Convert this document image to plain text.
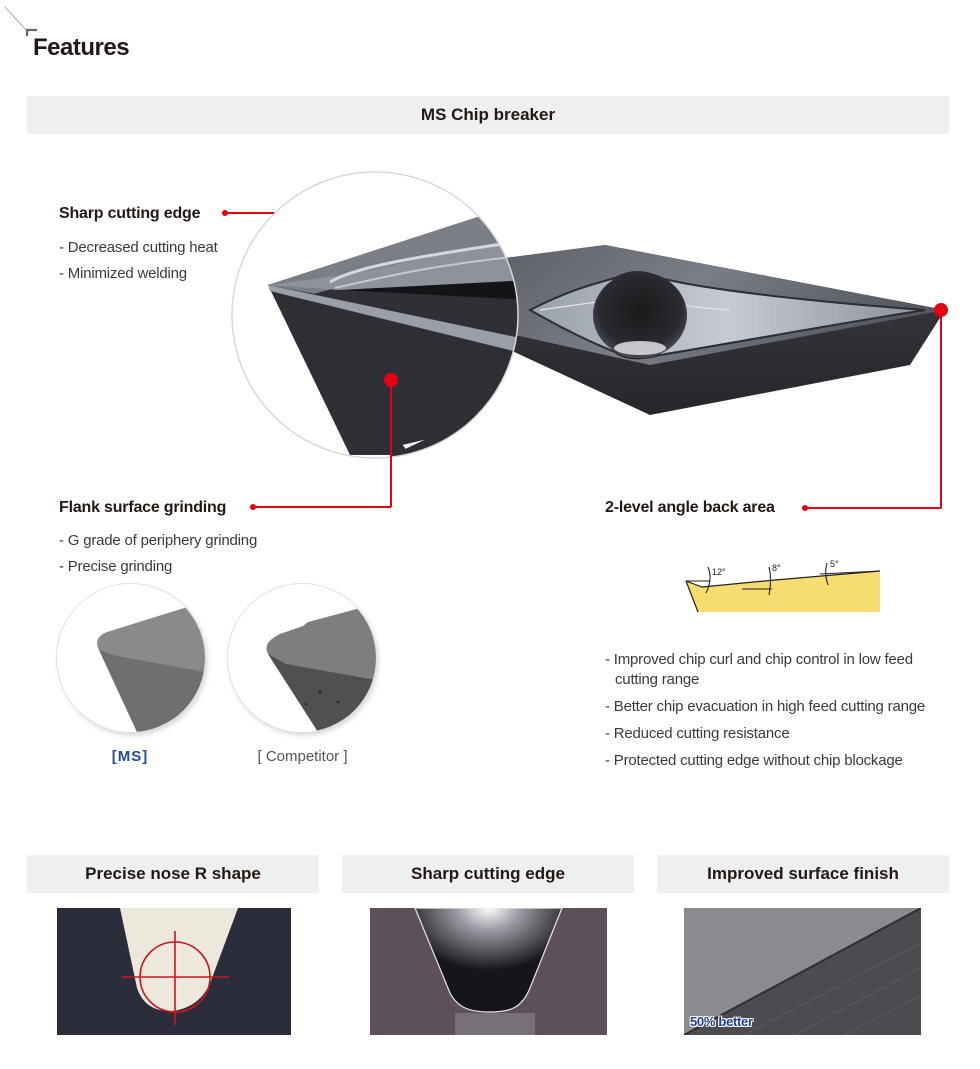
Features
MS Chip breaker
Sharp cutting edge
- Decreased cutting heat
- Minimized welding
Flank surface grinding
- G grade of periphery grinding
- Precise grinding
[MS]	[ Competitor ]
2-level angle back area
12°	8°	5°
- Improved chip curl and chip control in low feed cutting range
- Better chip evacuation in high feed cutting range
- Reduced cutting resistance
- Protected cutting edge without chip blockage
Precise nose R shape	Sharp cutting edge	Improved surface finish
50% better
